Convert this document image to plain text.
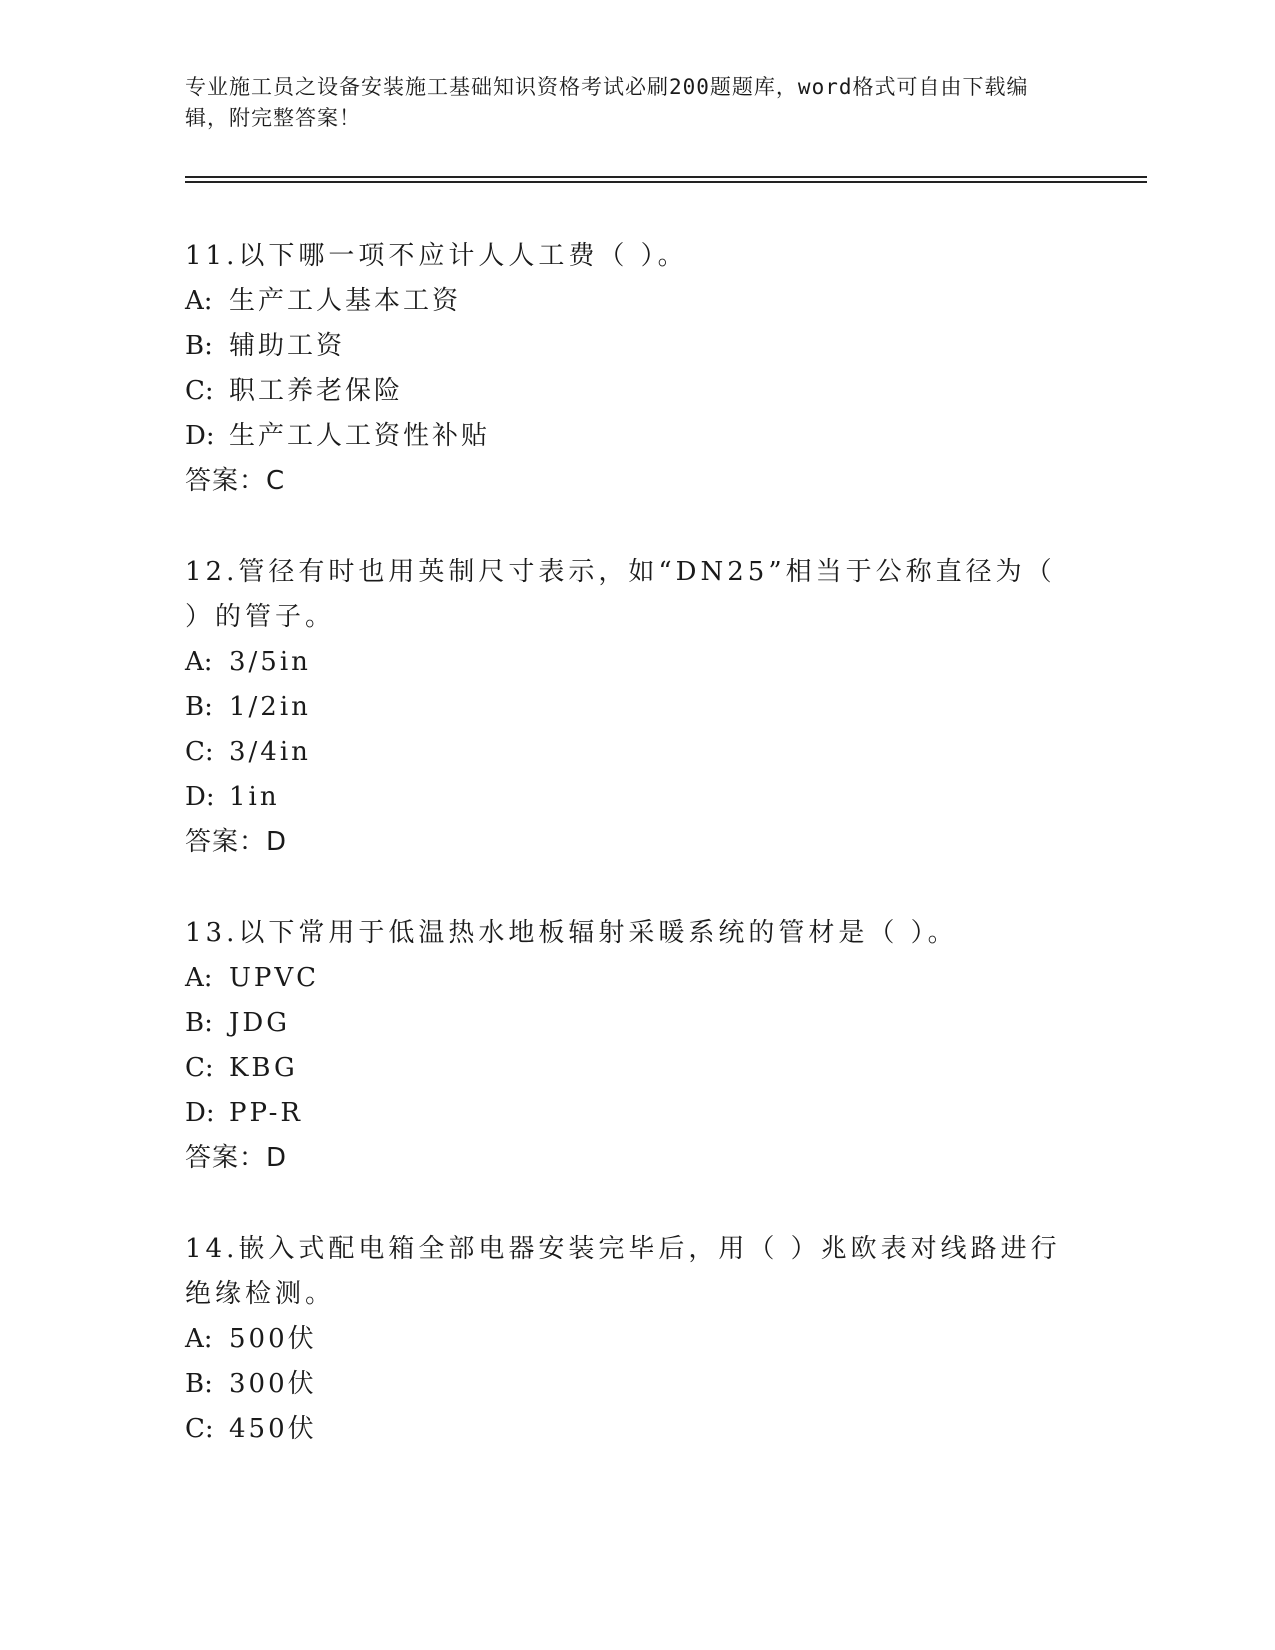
专业施工员之设备安装施工基础知识资格考试必刷200题题库，word格式可自由下载编辑，附完整答案！
11.以下哪一项不应计人人工费（ ）。
A: 生产工人基本工资
B: 辅助工资
C: 职工养老保险
D: 生产工人工资性补贴
答案：C
12.管径有时也用英制尺寸表示，如“DN25”相当于公称直径为（ ）的管子。
A: 3/5in
B: 1/2in
C: 3/4in
D: 1in
答案：D
13.以下常用于低温热水地板辐射采暖系统的管材是（ ）。
A: UPVC
B: JDG
C: KBG
D: PP-R
答案：D
14.嵌入式配电箱全部电器安装完毕后，用（ ）兆欧表对线路进行绝缘检测。
A: 500伏
B: 300伏
C: 450伏
